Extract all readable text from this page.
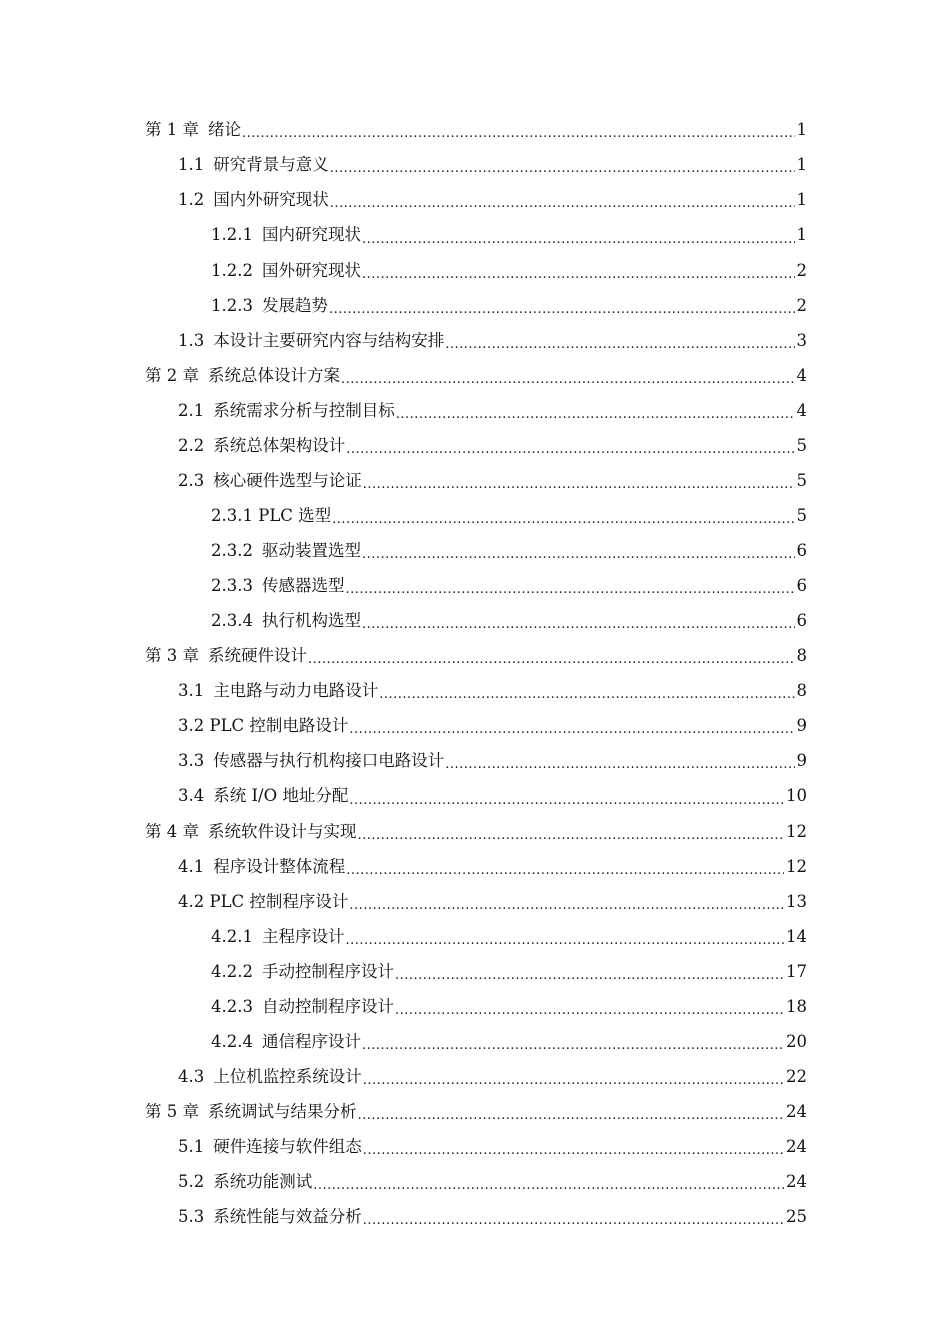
第 1 章 绪论 .....	1
1.1 研究背景与意义 .....	1
1.2 国内外研究现状 .....	1
1.2.1 国内研究现状 .....	1
1.2.2 国外研究现状 .....	2
1.2.3 发展趋势 .....	2
1.3 本设计主要研究内容与结构安排 .....	3
第 2 章 系统总体设计方案 .....	4
2.1 系统需求分析与控制目标 .....	4
2.2 系统总体架构设计 .....	5
2.3 核心硬件选型与论证 .....	5
2.3.1 PLC 选型 .....	5
2.3.2 驱动装置选型 .....	6
2.3.3 传感器选型 .....	6
2.3.4 执行机构选型 .....	6
第 3 章 系统硬件设计 .....	8
3.1 主电路与动力电路设计 .....	8
3.2 PLC 控制电路设计 .....	9
3.3 传感器与执行机构接口电路设计 .....	9
3.4 系统 I/O 地址分配 .....	10
第 4 章 系统软件设计与实现 .....	12
4.1 程序设计整体流程 .....	12
4.2 PLC 控制程序设计 .....	13
4.2.1 主程序设计 .....	14
4.2.2 手动控制程序设计 .....	17
4.2.3 自动控制程序设计 .....	18
4.2.4 通信程序设计 .....	20
4.3 上位机监控系统设计 .....	22
第 5 章 系统调试与结果分析 .....	24
5.1 硬件连接与软件组态 .....	24
5.2 系统功能测试 .....	24
5.3 系统性能与效益分析 .....	25
